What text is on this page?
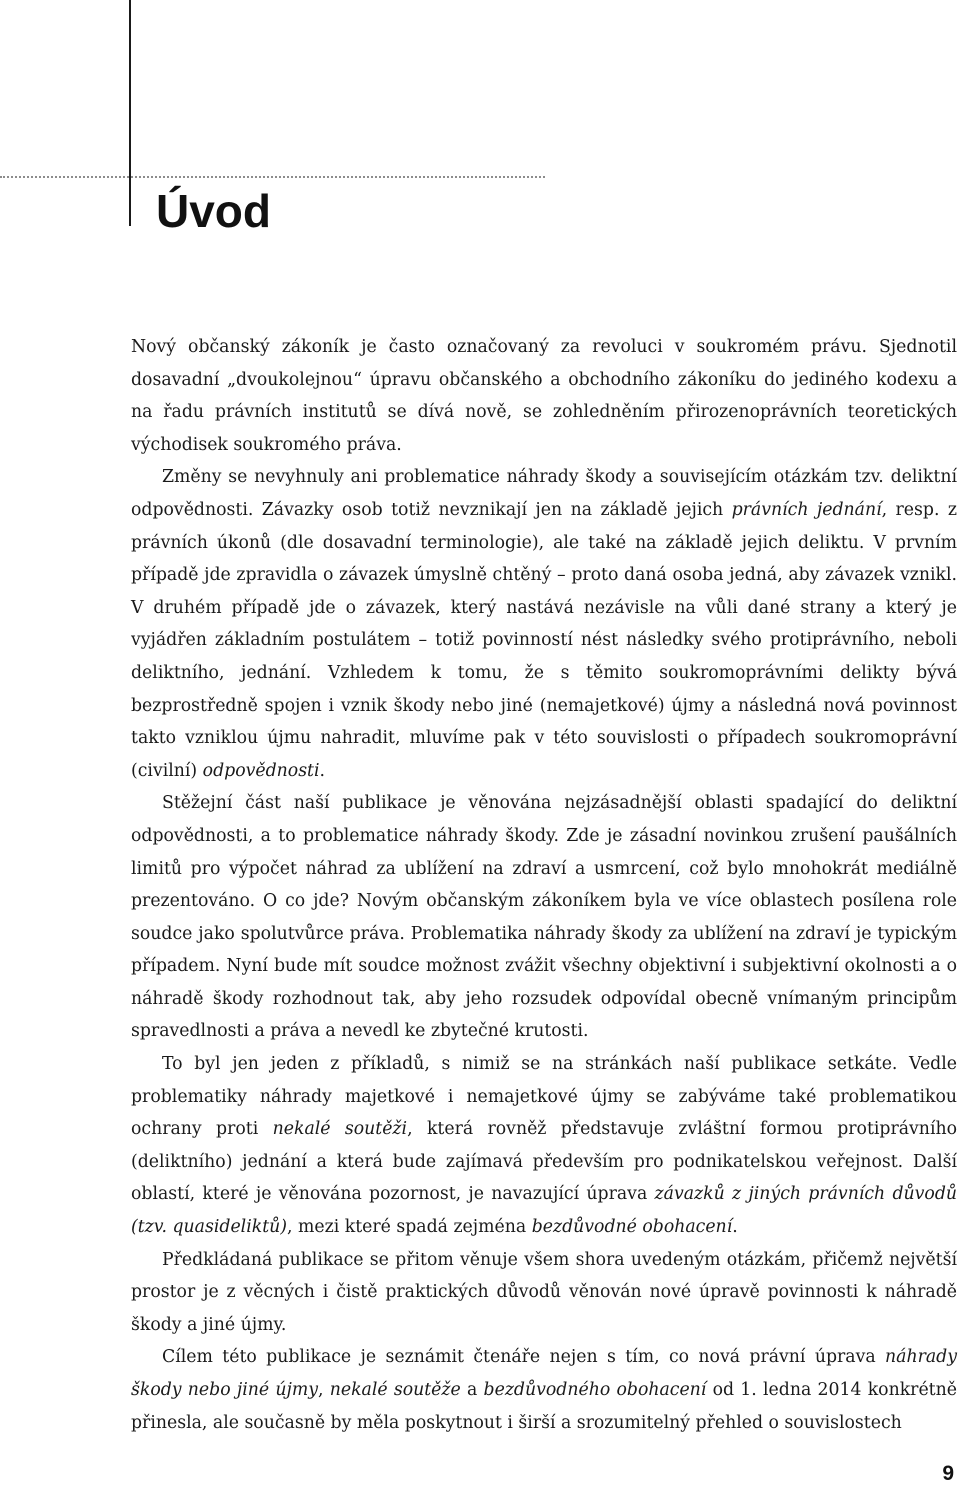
Úvod

Nový občanský zákoník je často označovaný za revoluci v soukromém právu. Sjednotil dosavadní „dvoukolejnou“ úpravu občanského a obchodního zákoníku do jediného kodexu a na řadu právních institutů se dívá nově, se zohledněním přirozenoprávních teoretických východisek soukromého práva.

Změny se nevyhnuly ani problematice náhrady škody a souvisejícím otázkám tzv. deliktní odpovědnosti. Závazky osob totiž nevznikají jen na základě jejich právních jednání, resp. z právních úkonů (dle dosavadní terminologie), ale také na základě jejich deliktu. V prvním případě jde zpravidla o závazek úmyslně chtěný – proto daná osoba jedná, aby závazek vznikl. V druhém případě jde o závazek, který nastává nezávisle na vůli dané strany a který je vyjádřen základním postulátem – totiž povinností nést následky svého protiprávního, neboli deliktního, jednání. Vzhledem k tomu, že s těmito soukromoprávními delikty bývá bezprostředně spojen i vznik škody nebo jiné (nemajetkové) újmy a následná nová povinnost takto vzniklou újmu nahradit, mluvíme pak v této souvislosti o případech soukromoprávní (civilní) odpovědnosti.

Stěžejní část naší publikace je věnována nejzásadnější oblasti spadající do deliktní odpovědnosti, a to problematice náhrady škody. Zde je zásadní novinkou zrušení paušálních limitů pro výpočet náhrad za ublížení na zdraví a usmrcení, což bylo mnohokrát mediálně prezentováno. O co jde? Novým občanským zákoníkem byla ve více oblastech posílena role soudce jako spolutvůrce práva. Problematika náhrady škody za ublížení na zdraví je typickým případem. Nyní bude mít soudce možnost zvážit všechny objektivní i subjektivní okolnosti a o náhradě škody rozhodnout tak, aby jeho rozsudek odpovídal obecně vnímaným principům spravedlnosti a práva a nevedl ke zbytečné krutosti.

To byl jen jeden z příkladů, s nimiž se na stránkách naší publikace setkáte. Vedle problematiky náhrady majetkové i nemajetkové újmy se zabýváme také problematikou ochrany proti nekalé soutěži, která rovněž představuje zvláštní formou protiprávního (deliktního) jednání a která bude zajímavá především pro podnikatelskou veřejnost. Další oblastí, které je věnována pozornost, je navazující úprava závazků z jiných právních důvodů (tzv. quasideliktů), mezi které spadá zejména bezdůvodné obohacení.

Předkládaná publikace se přitom věnuje všem shora uvedeným otázkám, přičemž největší prostor je z věcných i čistě praktických důvodů věnován nové úpravě povinnosti k náhradě škody a jiné újmy.

Cílem této publikace je seznámit čtenáře nejen s tím, co nová právní úprava náhrady škody nebo jiné újmy, nekalé soutěže a bezdůvodného obohacení od 1. ledna 2014 konkrétně přinesla, ale současně by měla poskytnout i širší a srozumitelný přehled o souvislostech

9
